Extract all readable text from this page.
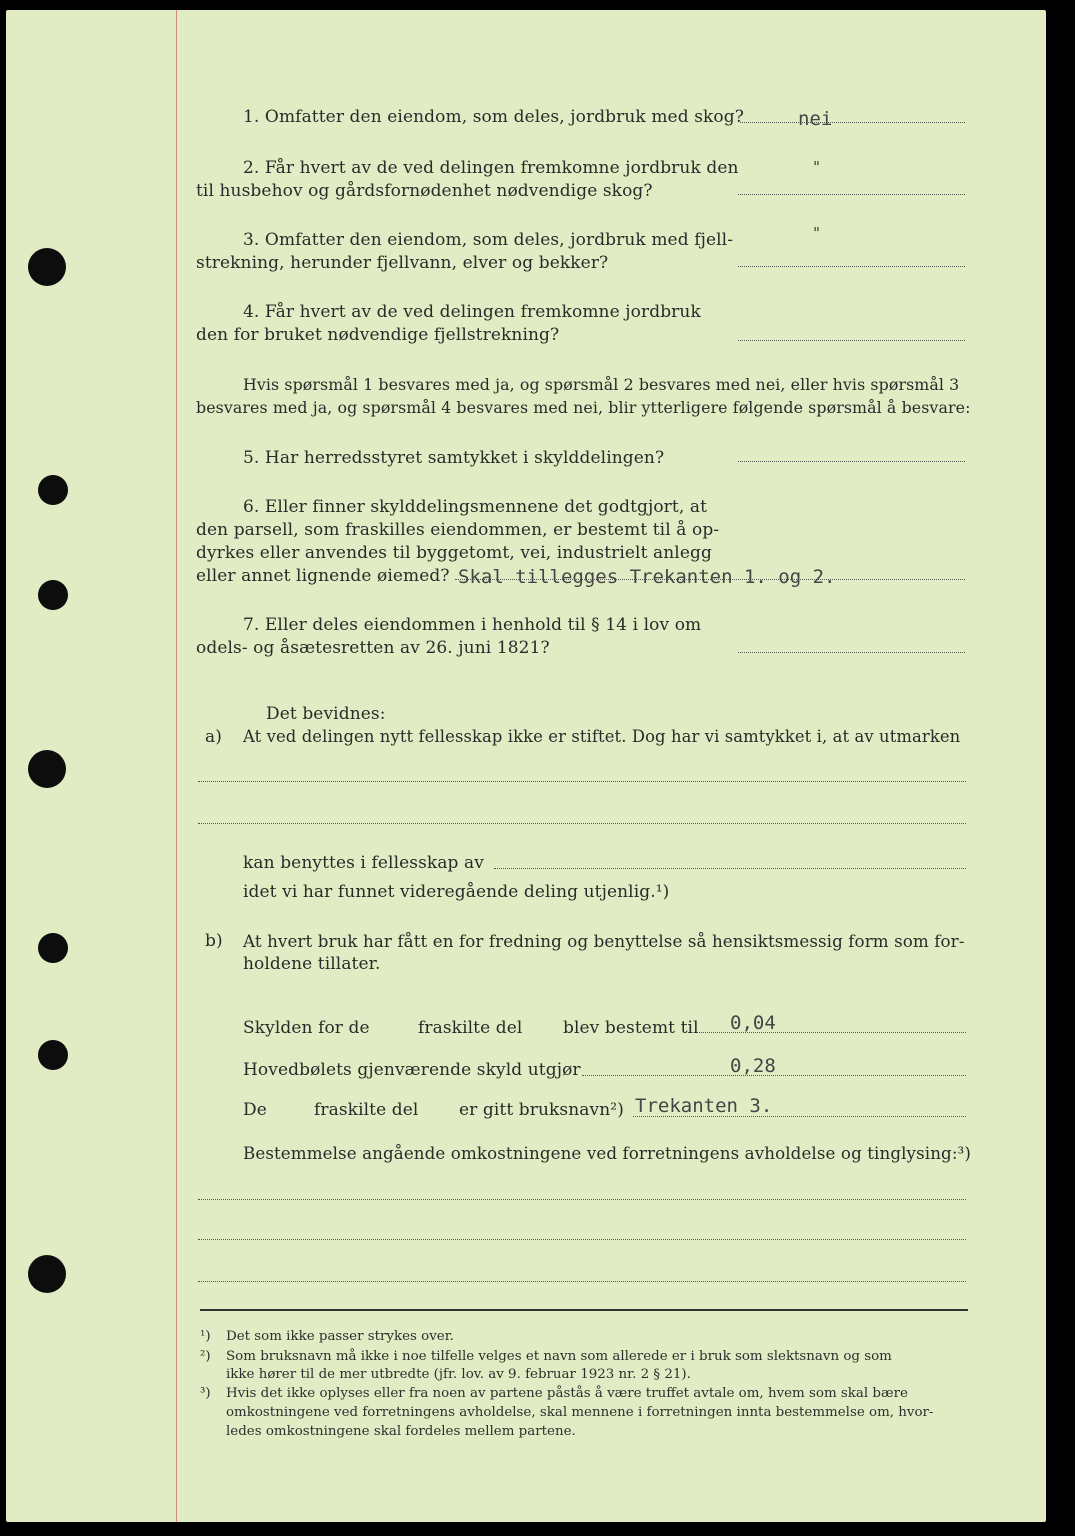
1. Omfatter den eiendom, som deles, jordbruk med skog?	nei
2. Får hvert av de ved delingen fremkomne jordbruk den
til husbehov og gårdsfornødenhet nødvendige skog?
"
3. Omfatter den eiendom, som deles, jordbruk med fjell-
strekning, herunder fjellvann, elver og bekker?
"
4. Får hvert av de ved delingen fremkomne jordbruk
den for bruket nødvendige fjellstrekning?
Hvis spørsmål 1 besvares med ja, og spørsmål 2 besvares med nei, eller hvis spørsmål 3
besvares med ja, og spørsmål 4 besvares med nei, blir ytterligere følgende spørsmål å besvare:
5. Har herredsstyret samtykket i skylddelingen?
6. Eller finner skylddelingsmennene det godtgjort, at
den parsell, som fraskilles eiendommen, er bestemt til å op-
dyrkes eller anvendes til byggetomt, vei, industrielt anlegg
eller annet lignende øiemed? Skal tillegges Trekanten 1. og 2.
7. Eller deles eiendommen i henhold til § 14 i lov om
odels- og åsætesretten av 26. juni 1821?
Det bevidnes:
a) At ved delingen nytt fellesskap ikke er stiftet. Dog har vi samtykket i, at av utmarken
kan benyttes i fellesskap av
idet vi har funnet videregående deling utjenlig.¹)
b) At hvert bruk har fått en for fredning og benyttelse så hensiktsmessig form som for-
holdene tillater.
Skylden for de	fraskilte del blev bestemt til 0,04
Hovedbølets gjenværende skyld utgjør	0,28
De	fraskilte del er gitt bruksnavn²) Trekanten 3.
Bestemmelse angående omkostningene ved forretningens avholdelse og tinglysing:³)
¹) Det som ikke passer strykes over.
²) Som bruksnavn må ikke i noe tilfelle velges et navn som allerede er i bruk som slektsnavn og som
ikke hører til de mer utbredte (jfr. lov. av 9. februar 1923 nr. 2 § 21).
³) Hvis det ikke oplyses eller fra noen av partene påstås å være truffet avtale om, hvem som skal bære
omkostningene ved forretningens avholdelse, skal mennene i forretningen innta bestemmelse om, hvor-
ledes omkostningene skal fordeles mellem partene.
